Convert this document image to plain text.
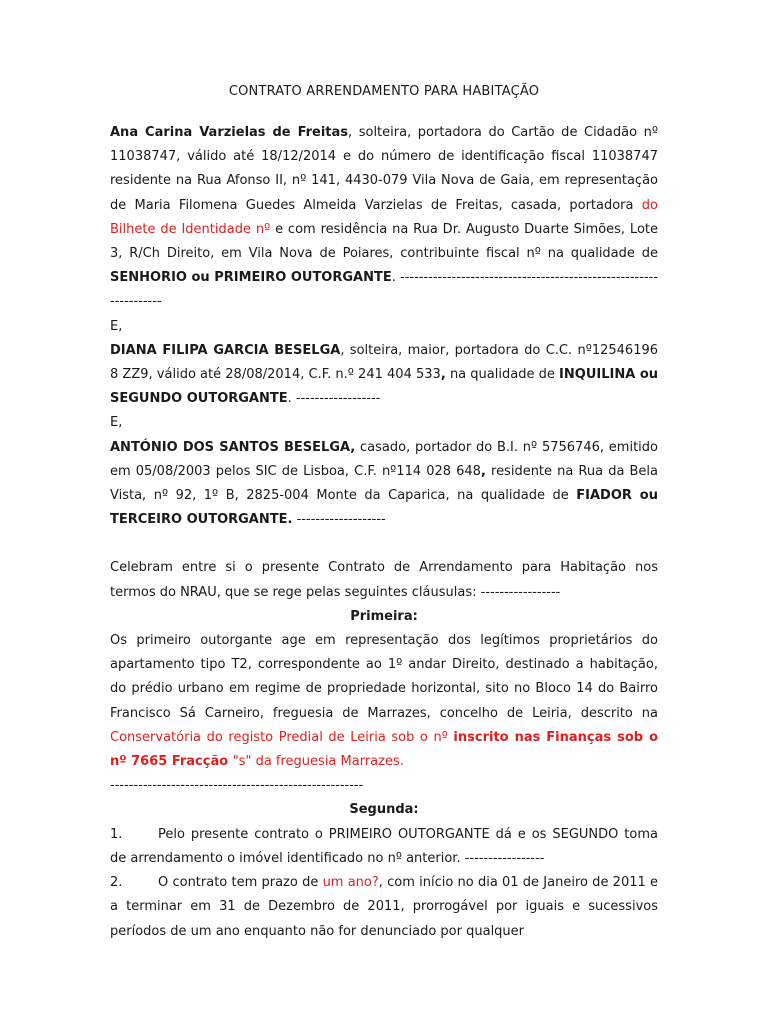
CONTRATO ARRENDAMENTO PARA HABITAÇÃO

Ana Carina Varzielas de Freitas, solteira, portadora do Cartão de Cidadão nº 11038747, válido até 18/12/2014 e do número de identificação fiscal 11038747 residente na Rua Afonso II, nº 141, 4430-079 Vila Nova de Gaia, em representação de Maria Filomena Guedes Almeida Varzielas de Freitas, casada, portadora do Bilhete de Identidade nº e com residência na Rua Dr. Augusto Duarte Simões, Lote 3, R/Ch Direito, em Vila Nova de Poiares, contribuinte fiscal nº na qualidade de SENHORIO ou PRIMEIRO OUTORGANTE. ------------------------------------------------------------------

E,

DIANA FILIPA GARCIA BESELGA, solteira, maior, portadora do C.C. nº12546196 8 ZZ9, válido até 28/08/2014, C.F. n.º 241 404 533, na qualidade de INQUILINA ou SEGUNDO OUTORGANTE. ------------------

E,

ANTÓNIO DOS SANTOS BESELGA, casado, portador do B.I. nº 5756746, emitido em 05/08/2003 pelos SIC de Lisboa, C.F. nº114 028 648, residente na Rua da Bela Vista, nº 92, 1º B, 2825-004 Monte da Caparica, na qualidade de FIADOR ou TERCEIRO OUTORGANTE. -------------------

Celebram entre si o presente Contrato de Arrendamento para Habitação nos termos do NRAU, que se rege pelas seguintes cláusulas: -----------------

Primeira:

Os primeiro outorgante age em representação dos legítimos proprietários do apartamento tipo T2, correspondente ao 1º andar Direito, destinado a habitação, do prédio urbano em regime de propriedade horizontal, sito no Bloco 14 do Bairro Francisco Sá Carneiro, freguesia de Marrazes, concelho de Leiria, descrito na Conservatória do registo Predial de Leiria sob o nº inscrito nas Finanças sob o nº 7665 Fracção "s" da freguesia Marrazes.

------------------------------------------------------

Segunda:

1.	Pelo presente contrato o PRIMEIRO OUTORGANTE dá e os SEGUNDO toma de arrendamento o imóvel identificado no nº anterior. -----------------

2.	O contrato tem prazo de um ano?, com início no dia 01 de Janeiro de 2011 e a terminar em 31 de Dezembro de 2011, prorrogável por iguais e sucessivos períodos de um ano enquanto não for denunciado por qualquer
